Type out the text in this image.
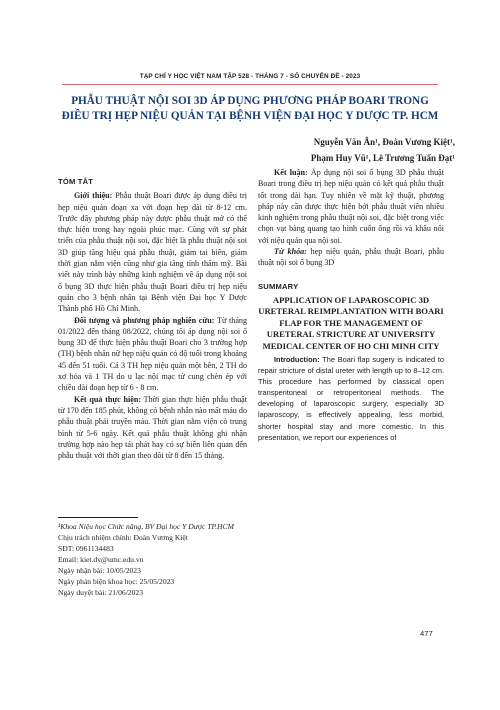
TẠP CHÍ Y HỌC VIỆT NAM TẬP 528 - THÁNG 7 - SỐ CHUYÊN ĐỀ - 2023
PHẪU THUẬT NỘI SOI 3D ÁP DỤNG PHƯƠNG PHÁP BOARI TRONG
ĐIỀU TRỊ HẸP NIỆU QUẢN TẠI BỆNH VIỆN ĐẠI HỌC Y DƯỢC TP. HCM
Nguyễn Văn Ân¹, Đoàn Vương Kiệt¹,
Phạm Huy Vũ¹, Lê Trương Tuấn Đạt¹
TÓM TẮT

Giới thiệu: Phẫu thuật Boari được áp dụng điều trị hẹp niệu quản đoạn xa với đoạn hẹp dài từ 8-12 cm. Trước đây phương pháp này được phẫu thuật mở có thể thực hiện trong hay ngoài phúc mạc. Cùng với sự phát triển của phẫu thuật nội soi, đặc biệt là phẫu thuật nội soi 3D giúp tăng hiệu quả phẫu thuật, giảm tai biến, giảm thời gian nằm viện cũng như gia tăng tính thẩm mỹ. Bài viết này trình bày những kinh nghiệm về áp dụng nội soi ổ bụng 3D thực hiện phẫu thuật Boari điều trị hẹp niệu quản cho 3 bệnh nhân tại Bệnh viện Đại học Y Dược Thành phố Hồ Chí Minh.

Đối tượng và phương pháp nghiên cứu: Từ tháng 01/2022 đến tháng 08/2022, chúng tôi áp dụng nội soi ổ bụng 3D để thực hiện phẫu thuật Boari cho 3 trường hợp (TH) bệnh nhân nữ hẹp niệu quản có độ tuổi trong khoảng 45 đến 51 tuổi. Cả 3 TH hẹp niệu quản một bên, 2 TH do xơ hóa và 1 TH do u lạc nội mạc tử cung chèn ép với chiều dài đoạn hẹp từ 6 - 8 cm.

Kết quả thực hiện: Thời gian thực hiện phẫu thuật từ 170 đến 185 phút, không có bệnh nhân nào mất máu do phẫu thuật phải truyền máu. Thời gian nằm viện có trung bình từ 5-6 ngày. Kết quả phẫu thuật không ghi nhận trường hợp nào hẹp tái phát hay có sự biến liên quan đến phẫu thuật với thời gian theo dõi từ 8 đến 15 tháng.

¹Khoa Niệu học Chức năng, BV Đại học Y Dược TP.HCM
Chịu trách nhiệm chính: Đoàn Vương Kiệt
SĐT: 0961134483
Email: kiet.dv@umc.edu.vn
Ngày nhận bài: 10/05/2023
Ngày phản biện khoa học: 25/05/2023
Ngày duyệt bài: 21/06/2023

Kết luận: Áp dụng nội soi ổ bụng 3D phẫu thuật Boari trong điều trị hẹp niệu quản có kết quả phẫu thuật tốt trong dài hạn. Tuy nhiên về mặt kỹ thuật, phương pháp này cần được thực hiện bởi phẫu thuật viên nhiều kinh nghiệm trong phẫu thuật nội soi, đặc biệt trong việc chọn vạt bàng quang tạo hình cuốn ống rồi và khâu nối với niệu quản qua nội soi.

Từ khóa: hẹp niệu quản, phẫu thuật Boari, phẫu thuật nội soi ổ bụng 3D

SUMMARY
APPLICATION OF LAPAROSCOPIC 3D URETERAL REIMPLANTATION WITH BOARI FLAP FOR THE MANAGEMENT OF URETERAL STRICTURE AT UNIVERSITY MEDICAL CENTER OF HO CHI MINH CITY

Introduction: The Boari flap sugery is indicated to repair stricture of distal ureter with length up to 8–12 cm. This procedure has performed by classical open transperitoneal or retroperitoneal methods. The developing of laparoscopic surgery, especially 3D laparoscopy, is effectively appealing, less morbid, shorter hospital stay and more comestic. In this presentation, we report our experiences of

477
